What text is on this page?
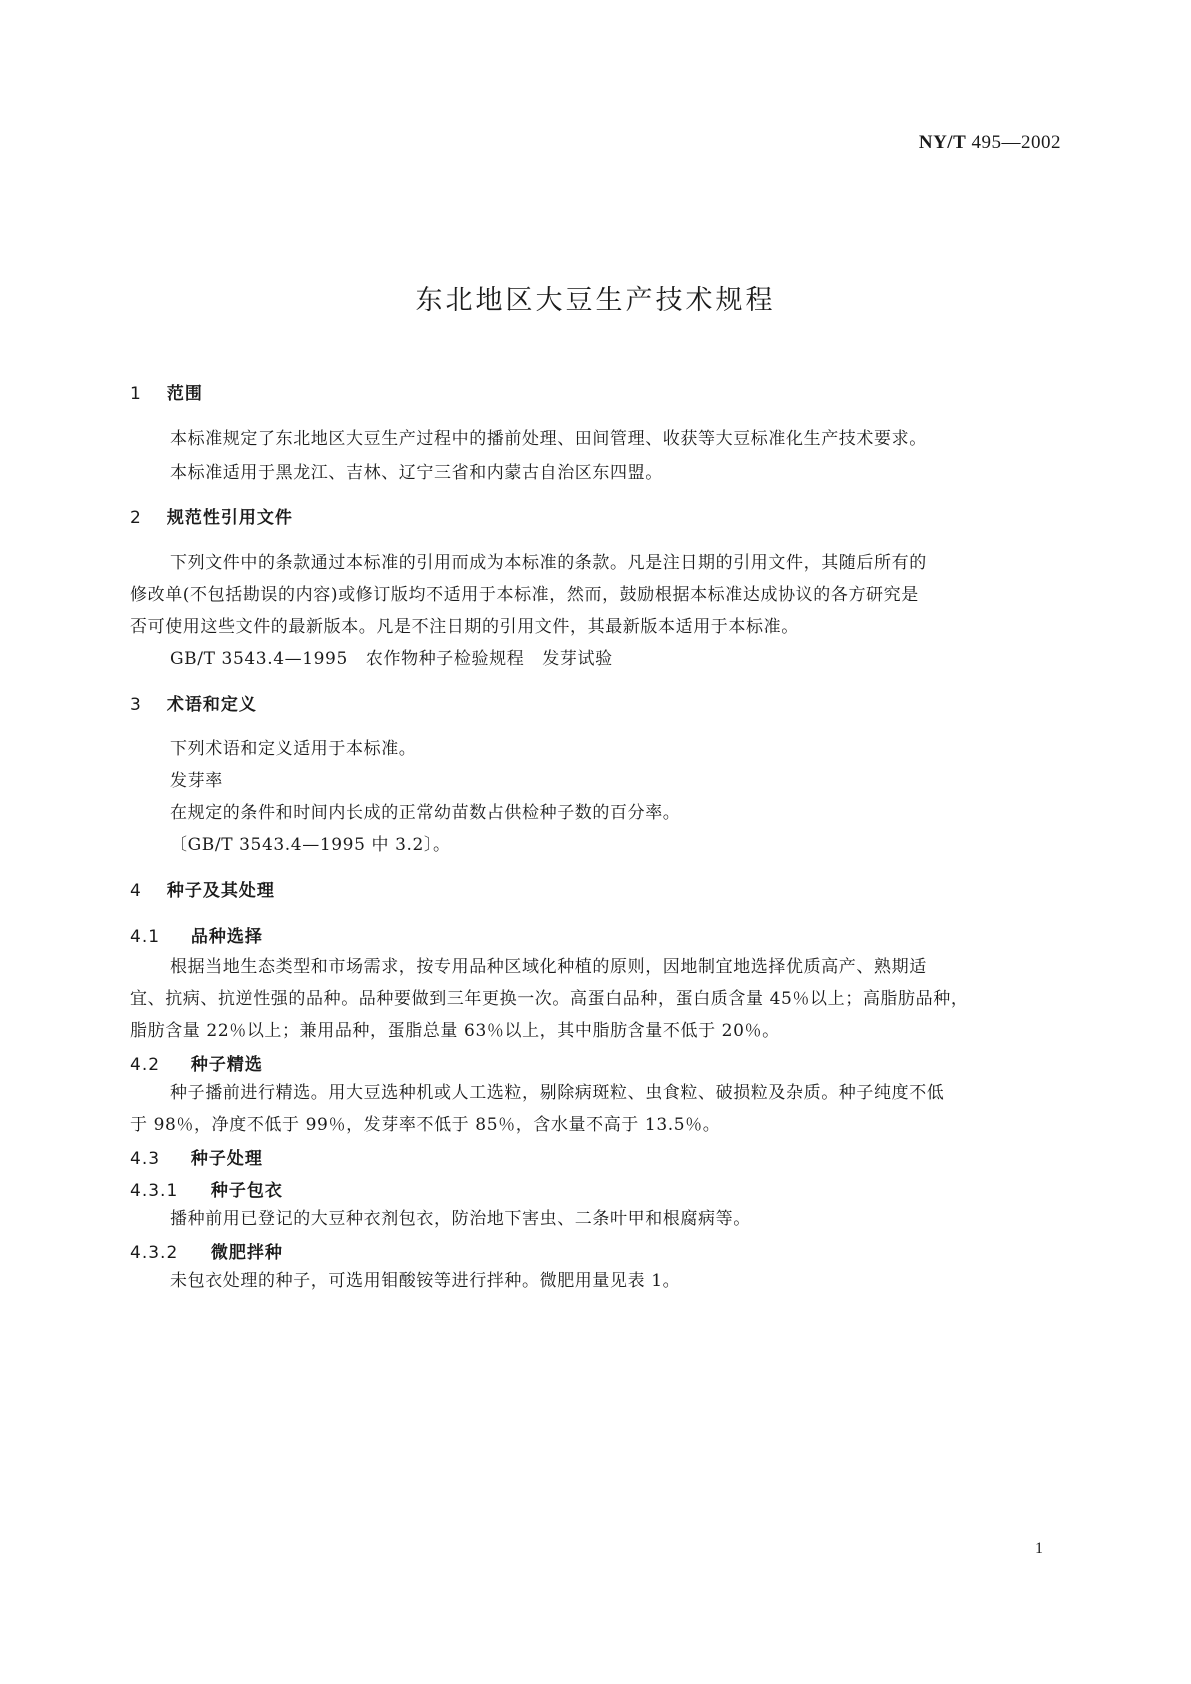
NY/T 495—2002
东北地区大豆生产技术规程
1 范围
本标准规定了东北地区大豆生产过程中的播前处理、田间管理、收获等大豆标准化生产技术要求。
本标准适用于黑龙江、吉林、辽宁三省和内蒙古自治区东四盟。
2 规范性引用文件
下列文件中的条款通过本标准的引用而成为本标准的条款。凡是注日期的引用文件，其随后所有的
修改单(不包括勘误的内容)或修订版均不适用于本标准，然而，鼓励根据本标准达成协议的各方研究是
否可使用这些文件的最新版本。凡是不注日期的引用文件，其最新版本适用于本标准。
GB/T 3543.4—1995   农作物种子检验规程   发芽试验
3 术语和定义
下列术语和定义适用于本标准。
发芽率
在规定的条件和时间内长成的正常幼苗数占供检种子数的百分率。
〔GB/T 3543.4—1995 中 3.2〕。
4 种子及其处理
4.1 品种选择
根据当地生态类型和市场需求，按专用品种区域化种植的原则，因地制宜地选择优质高产、熟期适
宜、抗病、抗逆性强的品种。品种要做到三年更换一次。高蛋白品种，蛋白质含量 45％以上；高脂肪品种，
脂肪含量 22％以上；兼用品种，蛋脂总量 63％以上，其中脂肪含量不低于 20％。
4.2 种子精选
种子播前进行精选。用大豆选种机或人工选粒，剔除病斑粒、虫食粒、破损粒及杂质。种子纯度不低
于 98％，净度不低于 99％，发芽率不低于 85％，含水量不高于 13.5％。
4.3 种子处理
4.3.1 种子包衣
播种前用已登记的大豆种衣剂包衣，防治地下害虫、二条叶甲和根腐病等。
4.3.2 微肥拌种
未包衣处理的种子，可选用钼酸铵等进行拌种。微肥用量见表 1。
1
